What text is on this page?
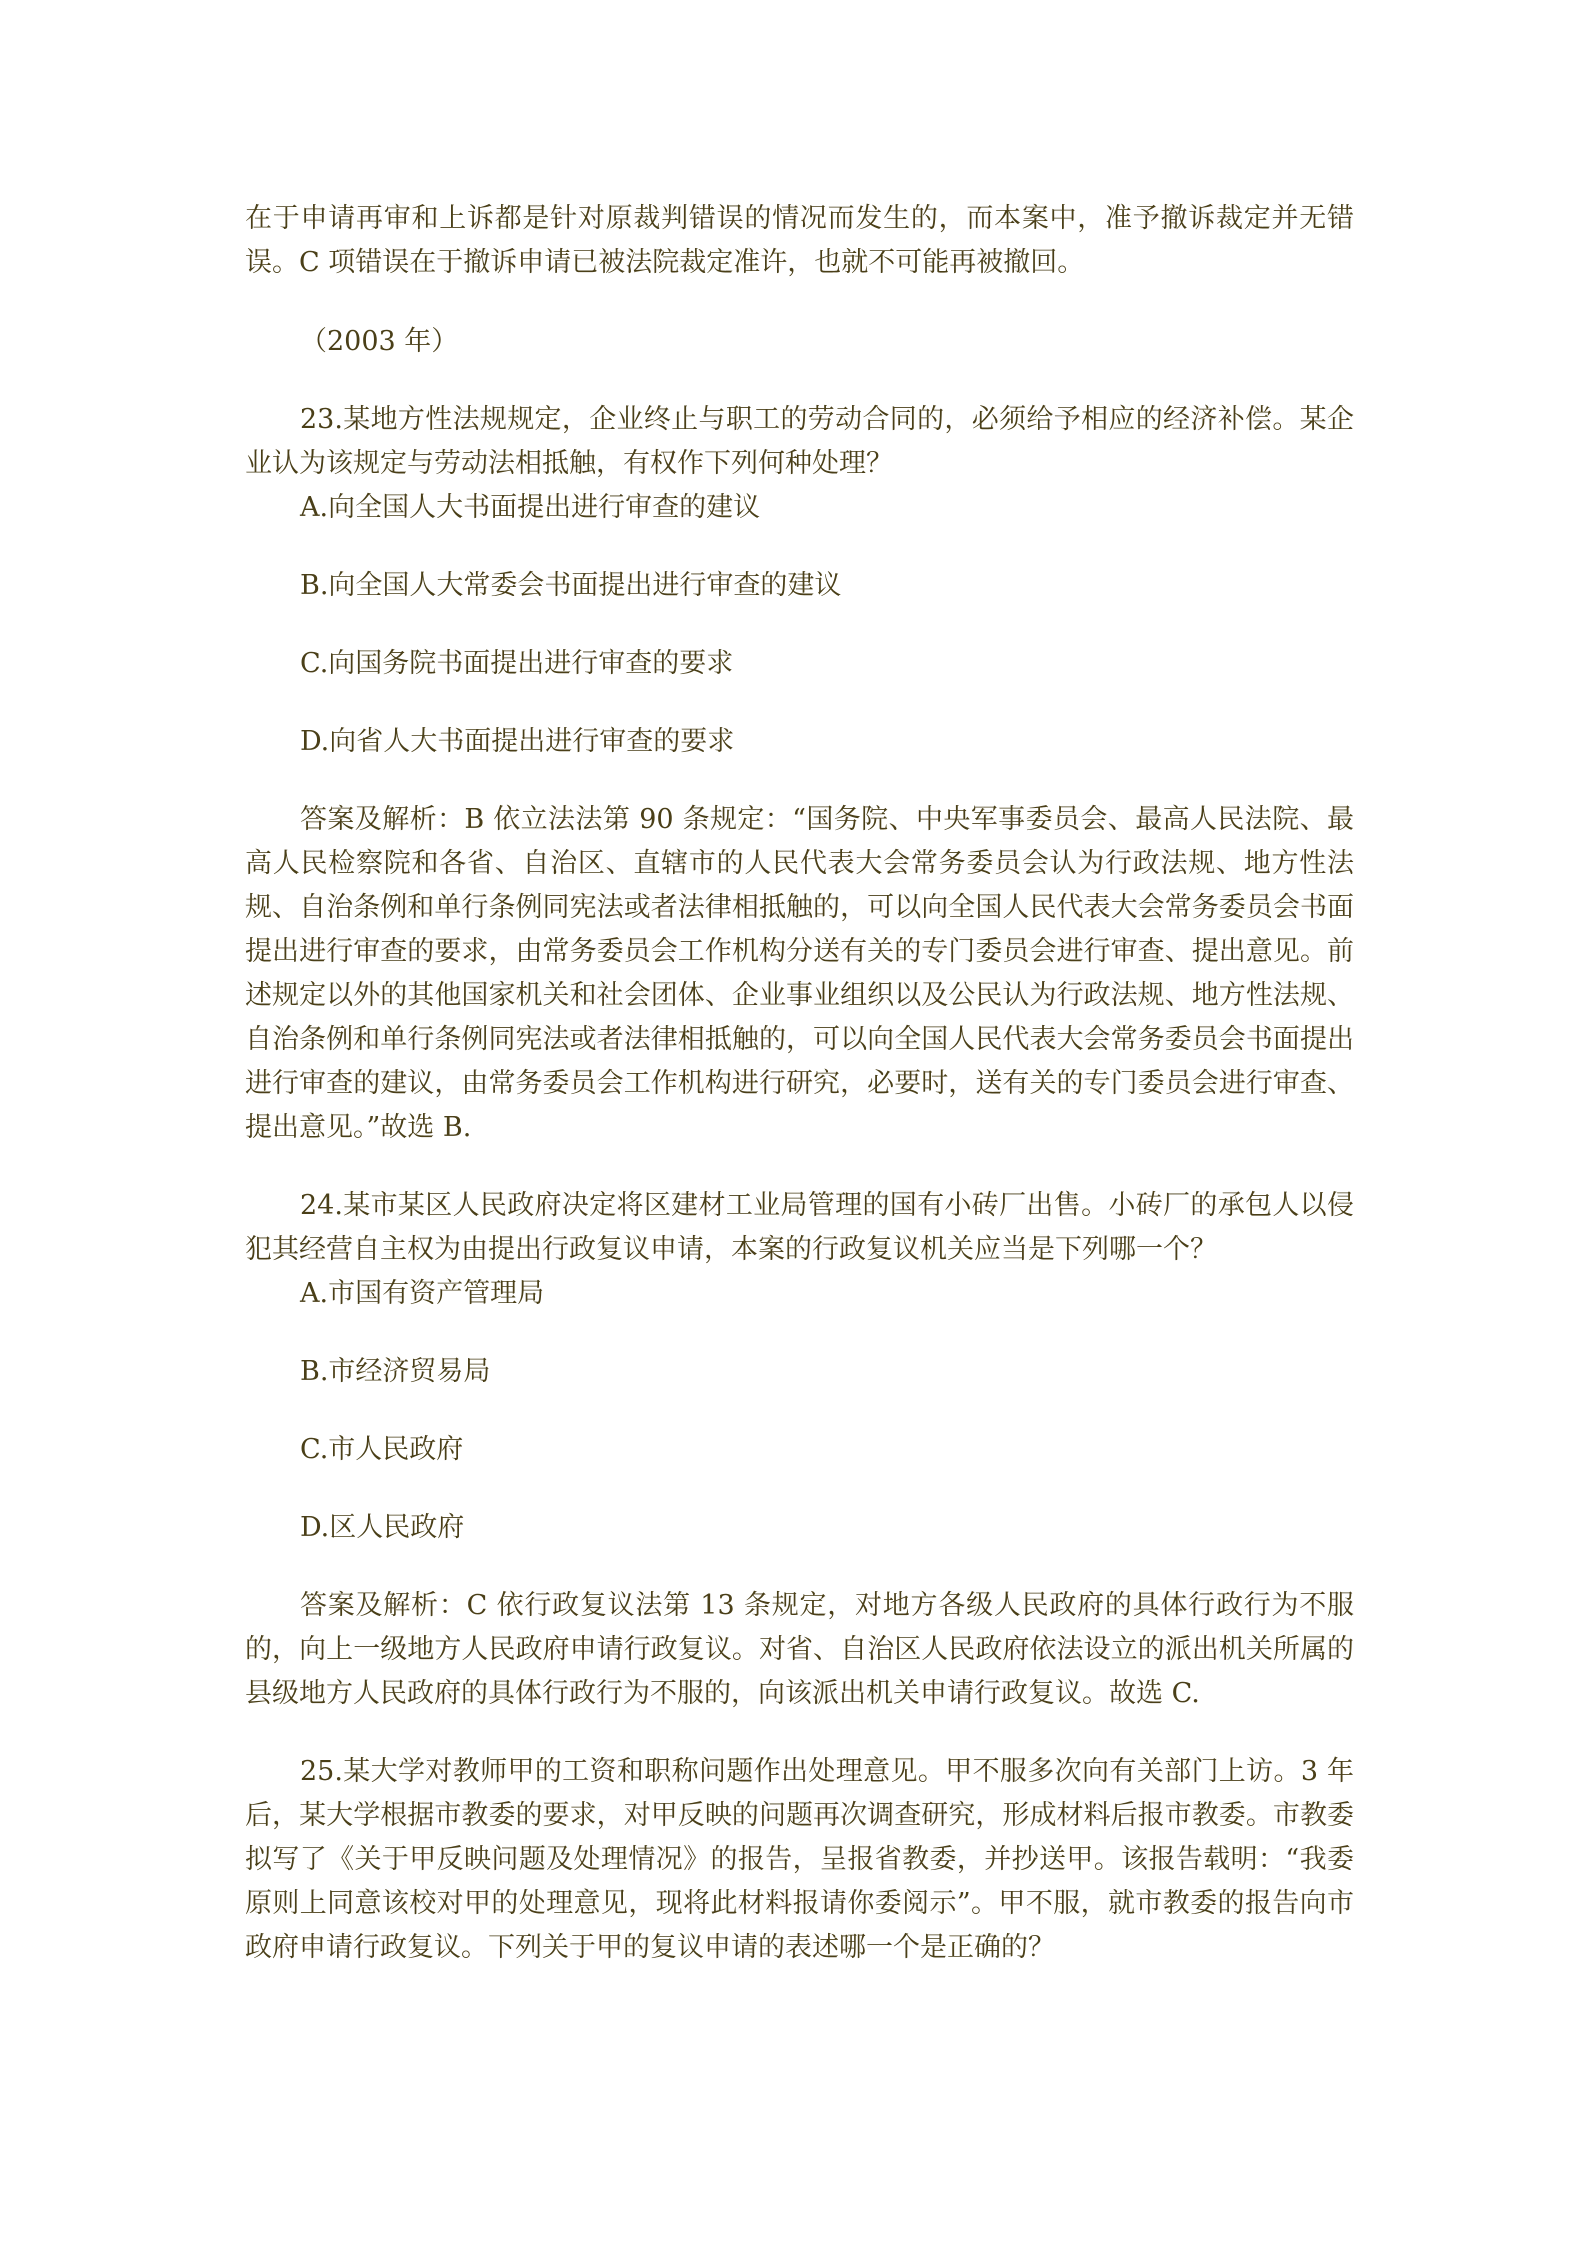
在于申请再审和上诉都是针对原裁判错误的情况而发生的，而本案中，准予撤诉裁定并无错误。C 项错误在于撤诉申请已被法院裁定准许，也就不可能再被撤回。

（2003 年）

23.某地方性法规规定，企业终止与职工的劳动合同的，必须给予相应的经济补偿。某企业认为该规定与劳动法相抵触，有权作下列何种处理？

A.向全国人大书面提出进行审查的建议

B.向全国人大常委会书面提出进行审查的建议

C.向国务院书面提出进行审查的要求

D.向省人大书面提出进行审查的要求

答案及解析：B 依立法法第 90 条规定：“国务院、中央军事委员会、最高人民法院、最高人民检察院和各省、自治区、直辖市的人民代表大会常务委员会认为行政法规、地方性法规、自治条例和单行条例同宪法或者法律相抵触的，可以向全国人民代表大会常务委员会书面提出进行审查的要求，由常务委员会工作机构分送有关的专门委员会进行审查、提出意见。前述规定以外的其他国家机关和社会团体、企业事业组织以及公民认为行政法规、地方性法规、自治条例和单行条例同宪法或者法律相抵触的，可以向全国人民代表大会常务委员会书面提出进行审查的建议，由常务委员会工作机构进行研究，必要时，送有关的专门委员会进行审查、提出意见。”故选 B.

24.某市某区人民政府决定将区建材工业局管理的国有小砖厂出售。小砖厂的承包人以侵犯其经营自主权为由提出行政复议申请，本案的行政复议机关应当是下列哪一个？

A.市国有资产管理局

B.市经济贸易局

C.市人民政府

D.区人民政府

答案及解析：C 依行政复议法第 13 条规定，对地方各级人民政府的具体行政行为不服的，向上一级地方人民政府申请行政复议。对省、自治区人民政府依法设立的派出机关所属的县级地方人民政府的具体行政行为不服的，向该派出机关申请行政复议。故选 C.

25.某大学对教师甲的工资和职称问题作出处理意见。甲不服多次向有关部门上访。3 年后，某大学根据市教委的要求，对甲反映的问题再次调查研究，形成材料后报市教委。市教委拟写了《关于甲反映问题及处理情况》的报告，呈报省教委，并抄送甲。该报告载明：“我委原则上同意该校对甲的处理意见，现将此材料报请你委阅示”。甲不服，就市教委的报告向市政府申请行政复议。下列关于甲的复议申请的表述哪一个是正确的？
